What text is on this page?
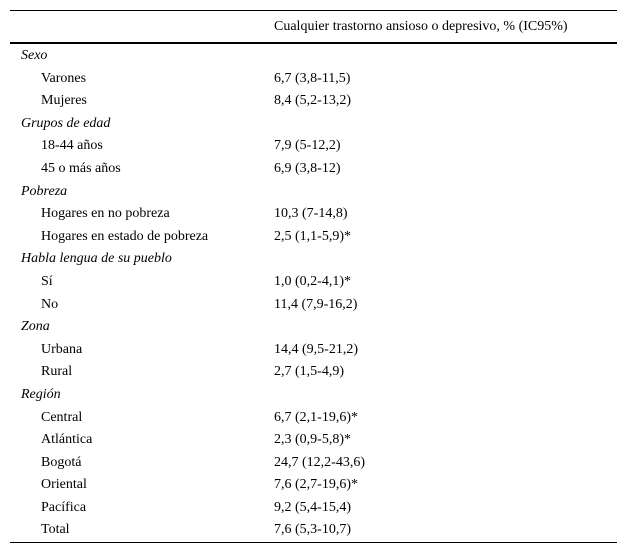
Cualquier trastorno ansioso o depresivo, % (IC95%)
Sexo
Varones	6,7 (3,8-11,5)
Mujeres	8,4 (5,2-13,2)
Grupos de edad
18-44 años	7,9 (5-12,2)
45 o más años	6,9 (3,8-12)
Pobreza
Hogares en no pobreza	10,3 (7-14,8)
Hogares en estado de pobreza	2,5 (1,1-5,9)*
Habla lengua de su pueblo
Sí	1,0 (0,2-4,1)*
No	11,4 (7,9-16,2)
Zona
Urbana	14,4 (9,5-21,2)
Rural	2,7 (1,5-4,9)
Región
Central	6,7 (2,1-19,6)*
Atlántica	2,3 (0,9-5,8)*
Bogotá	24,7 (12,2-43,6)
Oriental	7,6 (2,7-19,6)*
Pacífica	9,2 (5,4-15,4)
Total	7,6 (5,3-10,7)
